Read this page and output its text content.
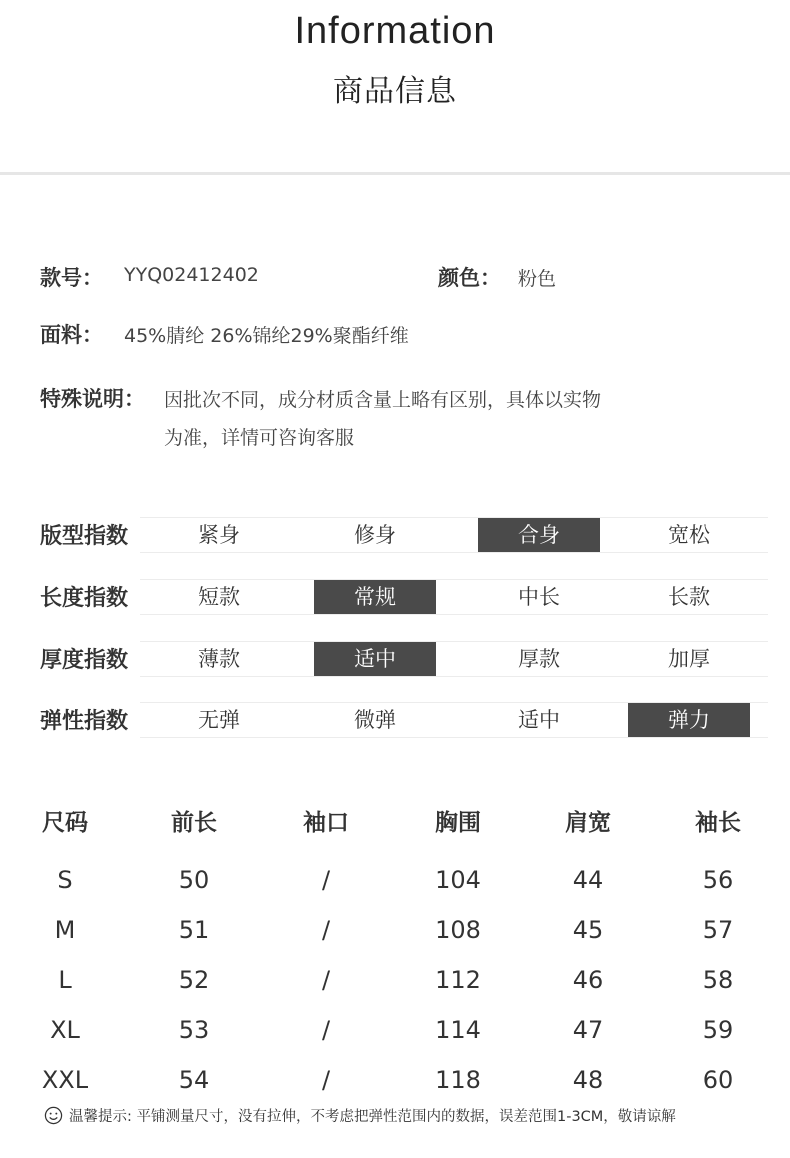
Information
商品信息
款号： YYQ02412402	颜色： 粉色
面料： 45%腈纶 26%锦纶29%聚酯纤维
特殊说明： 因批次不同，成分材质含量上略有区别，具体以实物
为准，详情可咨询客服
版型指数	紧身	修身	合身	宽松
长度指数	短款	常规	中长	长款
厚度指数	薄款	适中	厚款	加厚
弹性指数	无弹	微弹	适中	弹力
尺码	前长	袖口	胸围	肩宽	袖长
S	50	/	104	44	56
M	51	/	108	45	57
L	52	/	112	46	58
XL	53	/	114	47	59
XXL	54	/	118	48	60
温馨提示: 平铺测量尺寸，没有拉伸，不考虑把弹性范围内的数据，误差范围1-3CM，敬请谅解
